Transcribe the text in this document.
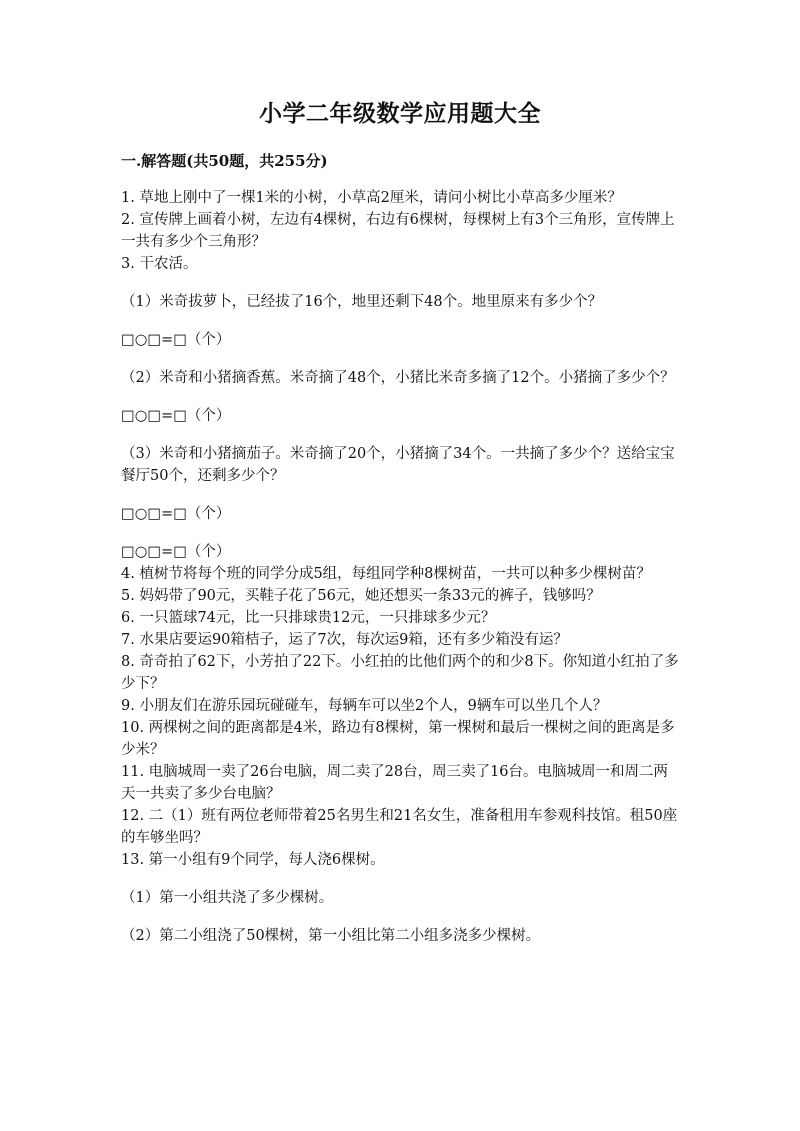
小学二年级数学应用题大全
一.解答题(共50题，共255分)

1. 草地上刚中了一棵1米的小树，小草高2厘米，请问小树比小草高多少厘米？

2. 宣传牌上画着小树，左边有4棵树，右边有6棵树，每棵树上有3个三角形，宣传牌上一共有多少个三角形？

3. 干农活。

（1）米奇拔萝卜，已经拔了16个，地里还剩下48个。地里原来有多少个？

□○□=□（个）

（2）米奇和小猪摘香蕉。米奇摘了48个，小猪比米奇多摘了12个。小猪摘了多少个？

□○□=□（个）

（3）米奇和小猪摘茄子。米奇摘了20个，小猪摘了34个。一共摘了多少个？送给宝宝餐厅50个，还剩多少个？

□○□=□（个）

□○□=□（个）

4. 植树节将每个班的同学分成5组，每组同学种8棵树苗，一共可以种多少棵树苗？

5. 妈妈带了90元，买鞋子花了56元，她还想买一条33元的裤子，钱够吗？

6. 一只篮球74元，比一只排球贵12元，一只排球多少元？

7. 水果店要运90箱桔子，运了7次，每次运9箱，还有多少箱没有运？

8. 奇奇拍了62下，小芳拍了22下。小红拍的比他们两个的和少8下。你知道小红拍了多少下？

9. 小朋友们在游乐园玩碰碰车，每辆车可以坐2个人，9辆车可以坐几个人？

10. 两棵树之间的距离都是4米，路边有8棵树，第一棵树和最后一棵树之间的距离是多少米？

11. 电脑城周一卖了26台电脑，周二卖了28台，周三卖了16台。电脑城周一和周二两天一共卖了多少台电脑？

12. 二（1）班有两位老师带着25名男生和21名女生，准备租用车参观科技馆。租50座的车够坐吗？

13. 第一小组有9个同学，每人浇6棵树。

（1）第一小组共浇了多少棵树。

（2）第二小组浇了50棵树，第一小组比第二小组多浇多少棵树。
